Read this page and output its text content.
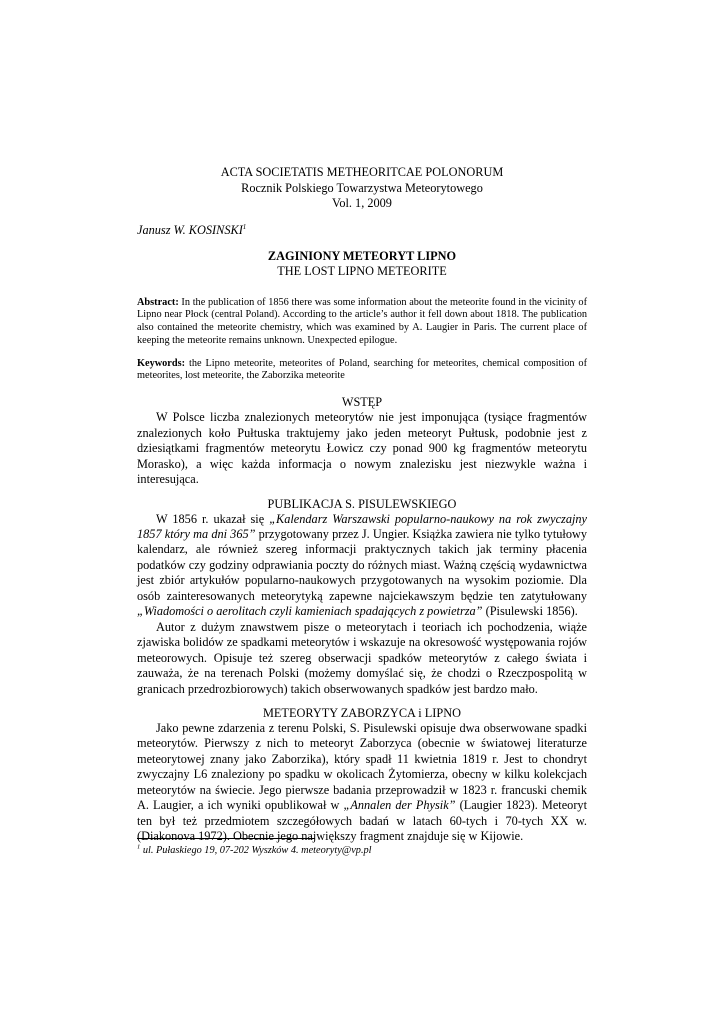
ACTA SOCIETATIS METHEORITCAE POLONORUM
Rocznik Polskiego Towarzystwa Meteorytowego
Vol. 1, 2009
Janusz W. KOSINSKI$^1$
ZAGINIONY METEORYT LIPNO
THE LOST LIPNO METEORITE
Abstract: In the publication of 1856 there was some information about the meteorite found in the vicinity of Lipno near Płock (central Poland). According to the article’s author it fell down about 1818. The publication also contained the meteorite chemistry, which was examined by A. Laugier in Paris. The current place of keeping the meteorite remains unknown. Unexpected epilogue.
Keywords: the Lipno meteorite, meteorites of Poland, searching for meteorites, chemical composition of meteorites, lost meteorite, the Zaborzika meteorite
WSTĘP

W Polsce liczba znalezionych meteorytów nie jest imponująca (tysiące fragmentów znalezionych koło Pułtuska traktujemy jako jeden meteoryt Pułtusk, podobnie jest z dziesiątkami fragmentów meteorytu Łowicz czy ponad 900 kg fragmentów meteorytu Morasko), a więc każda informacja o nowym znalezisku jest niezwykle ważna i interesująca.

PUBLIKACJA S. PISULEWSKIEGO

W 1856 r. ukazał się „Kalendarz Warszawski popularno-naukowy na rok zwyczajny 1857 który ma dni 365” przygotowany przez J. Ungier. Książka zawiera nie tylko tytułowy kalendarz, ale również szereg informacji praktycznych takich jak terminy płacenia podatków czy godziny odprawiania poczty do różnych miast. Ważną częścią wydawnictwa jest zbiór artykułów popularno-naukowych przygotowanych na wysokim poziomie. Dla osób zainteresowanych meteorytyką zapewne najciekawszym będzie ten zatytułowany „Wiadomości o aerolitach czyli kamieniach spadających z powietrza” (Pisulewski 1856).

Autor z dużym znawstwem pisze o meteorytach i teoriach ich pochodzenia, wiąże zjawiska bolidów ze spadkami meteorytów i wskazuje na okresowość występowania rojów meteorowych. Opisuje też szereg obserwacji spadków meteorytów z całego świata i zauważa, że na terenach Polski (możemy domyślać się, że chodzi o Rzeczpospolitą w granicach przedrozbiorowych) takich obserwowanych spadków jest bardzo mało.

METEORYTY ZABORZYCA i LIPNO

Jako pewne zdarzenia z terenu Polski, S. Pisulewski opisuje dwa obserwowane spadki meteorytów. Pierwszy z nich to meteoryt Zaborzyca (obecnie w światowej literaturze meteorytowej znany jako Zaborzika), który spadł 11 kwietnia 1819 r. Jest to chondryt zwyczajny L6 znaleziony po spadku w okolicach Żytomierza, obecny w kilku kolekcjach meteorytów na świecie. Jego pierwsze badania przeprowadził w 1823 r. francuski chemik A. Laugier, a ich wyniki opublikował w „Annalen der Physik” (Laugier 1823). Meteoryt ten był też przedmiotem szczegółowych badań w latach 60-tych i 70-tych XX w. (Diakonova 1972). Obecnie jego największy fragment znajduje się w Kijowie.

$^1$ ul. Pułaskiego 19, 07-202 Wyszków 4. meteoryty@vp.pl
